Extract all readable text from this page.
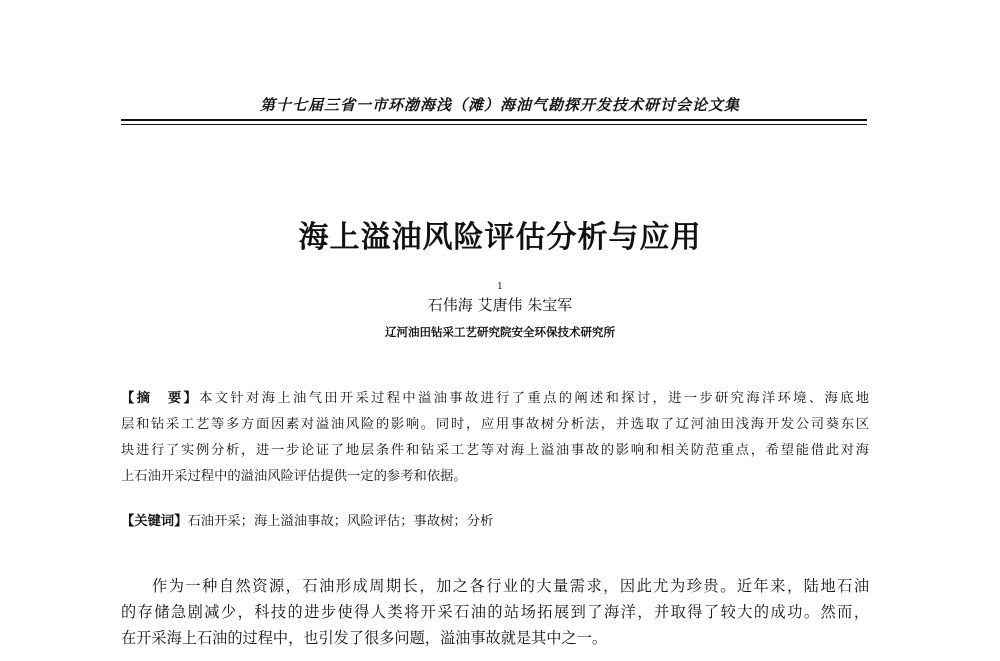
第十七届三省一市环渤海浅（滩）海油气勘探开发技术研讨会论文集
海上溢油风险评估分析与应用
1
石伟海 艾唐伟 朱宝军
辽河油田钻采工艺研究院安全环保技术研究所
【摘　要】本文针对海上油气田开采过程中溢油事故进行了重点的阐述和探讨，进一步研究海洋环境、海底地
层和钻采工艺等多方面因素对溢油风险的影响。同时，应用事故树分析法，并选取了辽河油田浅海开发公司葵东区
块进行了实例分析，进一步论证了地层条件和钻采工艺等对海上溢油事故的影响和相关防范重点，希望能借此对海
上石油开采过程中的溢油风险评估提供一定的参考和依据。
【关键词】石油开采；海上溢油事故；风险评估；事故树；分析
作为一种自然资源，石油形成周期长，加之各行业的大量需求，因此尤为珍贵。近年来，陆地石油
的存储急剧减少，科技的进步使得人类将开采石油的站场拓展到了海洋，并取得了较大的成功。然而，
在开采海上石油的过程中，也引发了很多问题，溢油事故就是其中之一。
